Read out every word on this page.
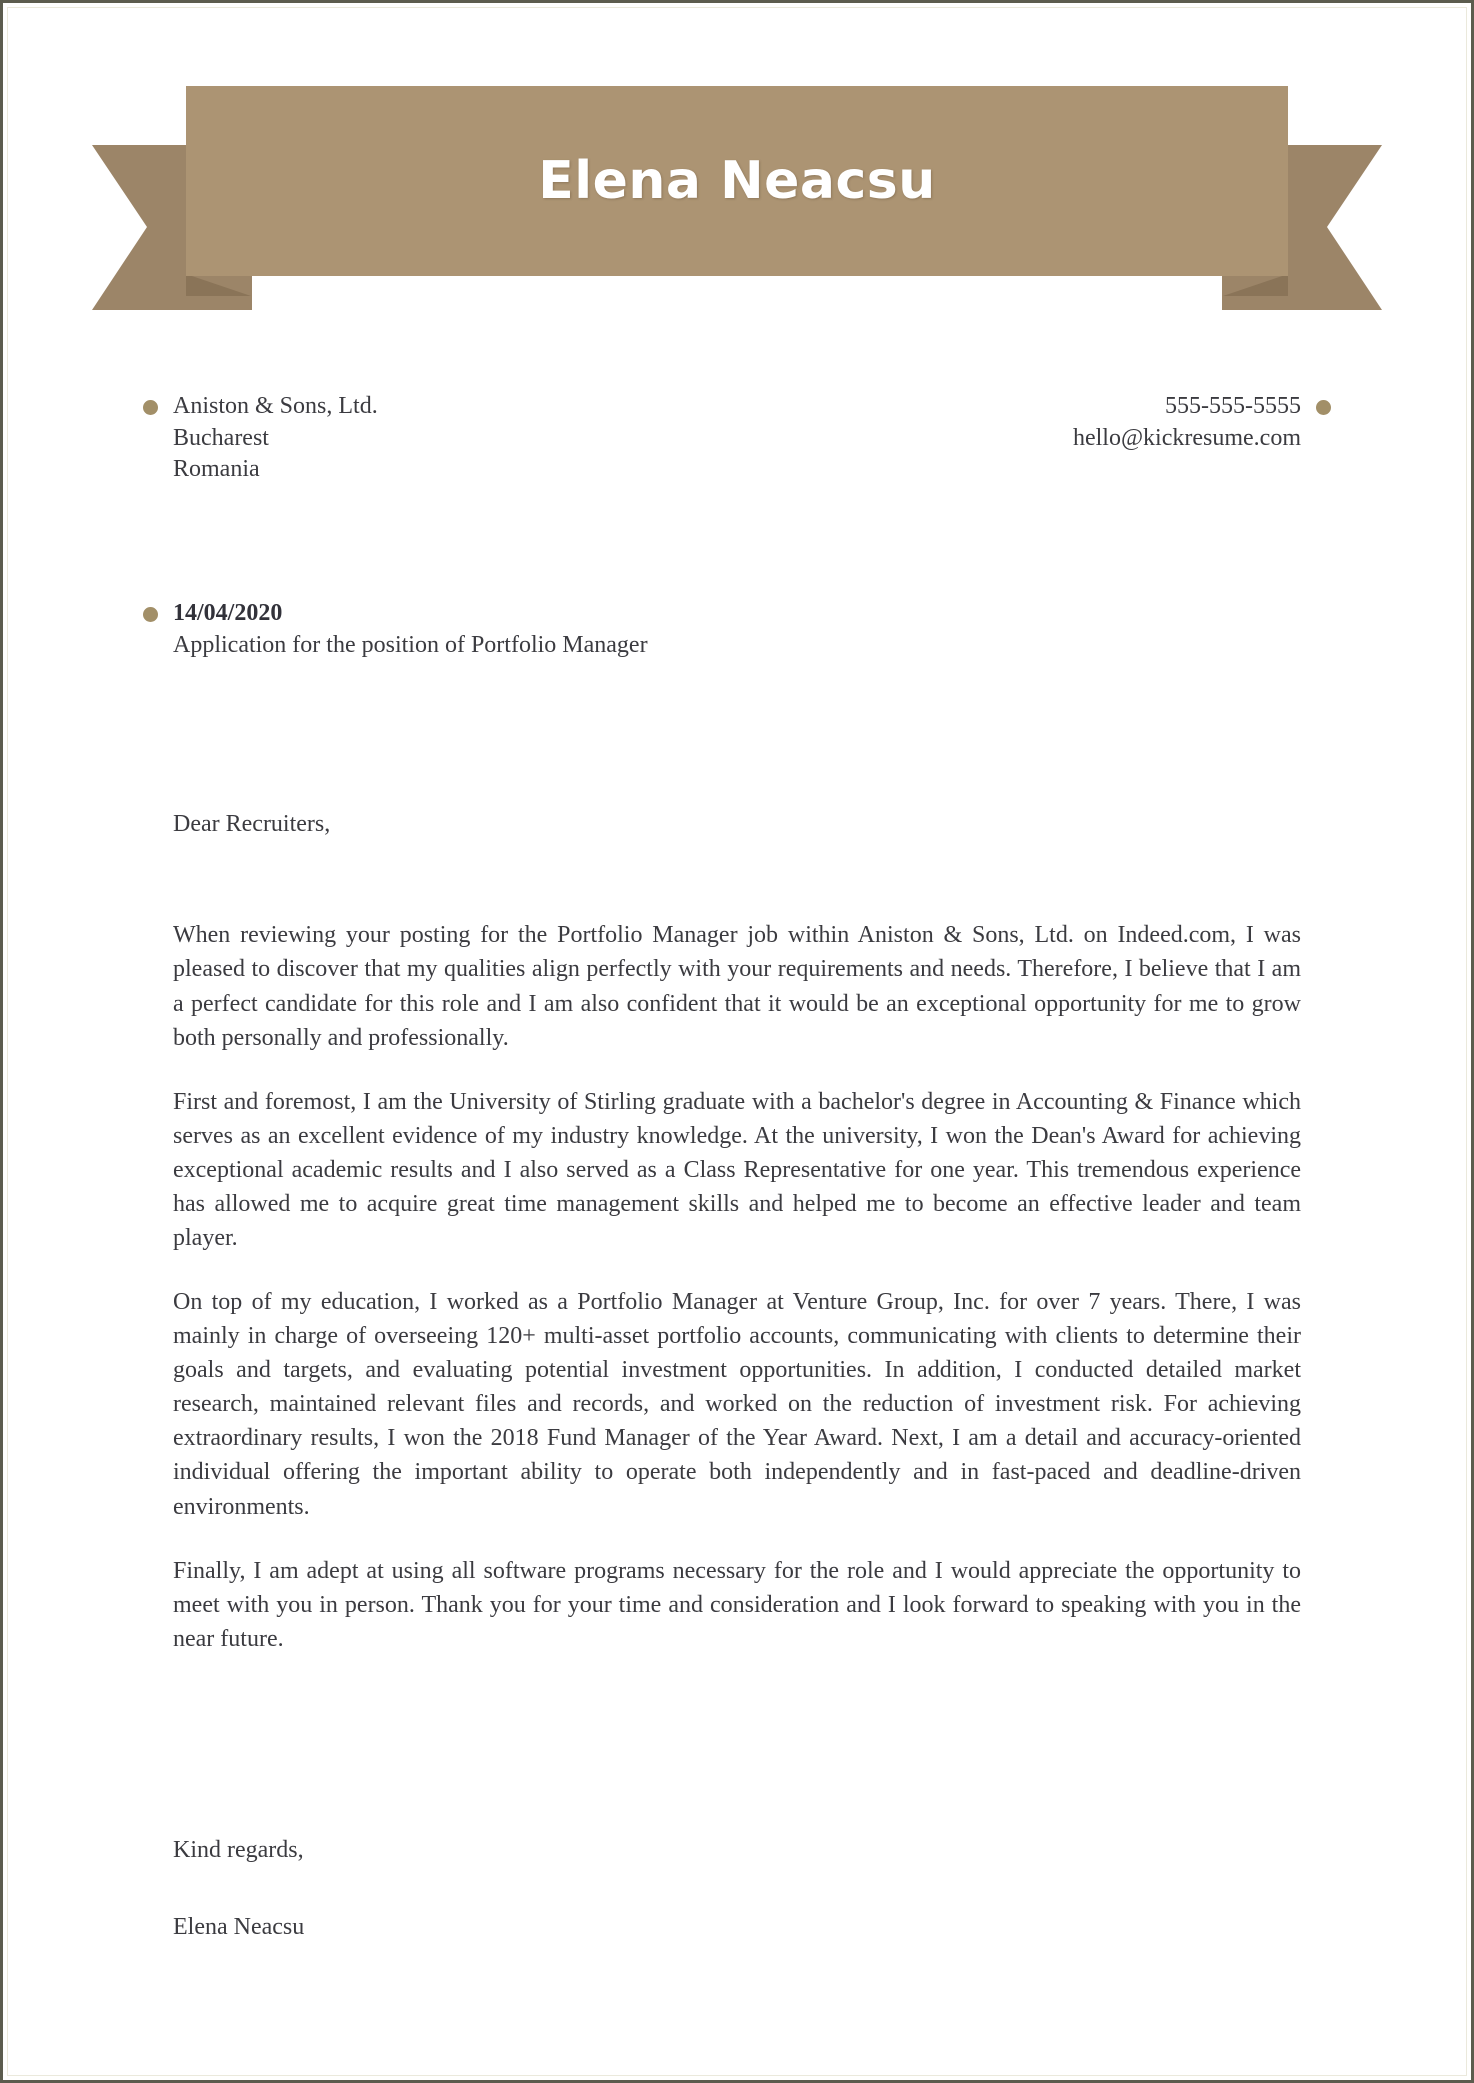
Elena Neacsu
Aniston & Sons, Ltd.
Bucharest
Romania
555-555-5555
hello@kickresume.com
14/04/2020
Application for the position of Portfolio Manager
Dear Recruiters,

When reviewing your posting for the Portfolio Manager job within Aniston & Sons, Ltd. on Indeed.com, I was pleased to discover that my qualities align perfectly with your requirements and needs. Therefore, I believe that I am a perfect candidate for this role and I am also confident that it would be an exceptional opportunity for me to grow both personally and professionally.

First and foremost, I am the University of Stirling graduate with a bachelor's degree in Accounting & Finance which serves as an excellent evidence of my industry knowledge. At the university, I won the Dean's Award for achieving exceptional academic results and I also served as a Class Representative for one year. This tremendous experience has allowed me to acquire great time management skills and helped me to become an effective leader and team player.

On top of my education, I worked as a Portfolio Manager at Venture Group, Inc. for over 7 years. There, I was mainly in charge of overseeing 120+ multi-asset portfolio accounts, communicating with clients to determine their goals and targets, and evaluating potential investment opportunities. In addition, I conducted detailed market research, maintained relevant files and records, and worked on the reduction of investment risk. For achieving extraordinary results, I won the 2018 Fund Manager of the Year Award. Next, I am a detail and accuracy-oriented individual offering the important ability to operate both independently and in fast-paced and deadline-driven environments.

Finally, I am adept at using all software programs necessary for the role and I would appreciate the opportunity to meet with you in person. Thank you for your time and consideration and I look forward to speaking with you in the near future.

Kind regards,
Elena Neacsu
